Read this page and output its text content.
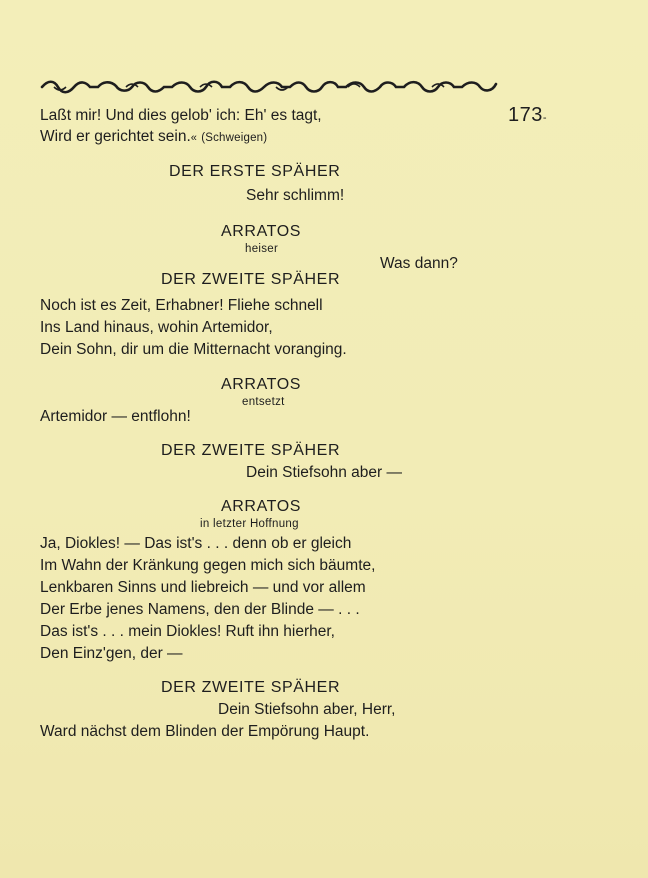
173-
Laßt mir! Und dies gelob' ich: Eh' es tagt,
Wird er gerichtet sein.« (Schweigen)
DER ERSTE SPÄHER
Sehr schlimm!
ARRATOS
heiser
Was dann?
DER ZWEITE SPÄHER
Noch ist es Zeit, Erhabner! Fliehe schnell
Ins Land hinaus, wohin Artemidor,
Dein Sohn, dir um die Mitternacht voranging.
ARRATOS
entsetzt
Artemidor — entflohn!
DER ZWEITE SPÄHER
Dein Stiefsohn aber —
ARRATOS
in letzter Hoffnung
Ja, Diokles! — Das ist's . . . denn ob er gleich
Im Wahn der Kränkung gegen mich sich bäumte,
Lenkbaren Sinns und liebreich — und vor allem
Der Erbe jenes Namens, den der Blinde — . . .
Das ist's . . . mein Diokles! Ruft ihn hierher,
Den Einz'gen, der —
DER ZWEITE SPÄHER
Dein Stiefsohn aber, Herr,
Ward nächst dem Blinden der Empörung Haupt.
